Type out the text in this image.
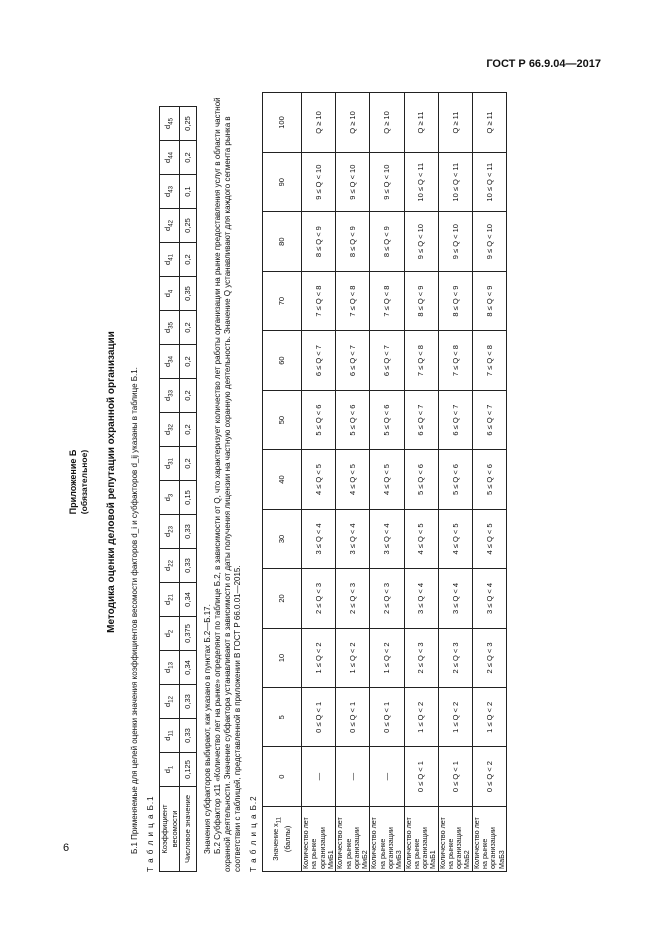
ГОСТ Р 66.9.04—2017
6
Приложение Б (обязательное) Методика оценки деловой репутации охранной организации Б.1 Применяемые для целей оценки значения коэффициентов весомости факторов d_i и субфакторов d_ij указаны в таблице Б.1. Т а б л и ц а Б.1 Коэффициент весомости	$d_1$	$d_{11}$	$d_{12}$	$d_{13}$	$d_2$	$d_{21}$	$d_{22}$	$d_{23}$	$d_3$	$d_{31}$	$d_{32}$	$d_{33}$	$d_{34}$	$d_{35}$	$d_4$	$d_{41}$	$d_{42}$	$d_{43}$	$d_{44}$	$d_{45}$
Числовое значение	0,125	0,33	0,33	0,34	0,375	0,34	0,33	0,33	0,15	0,2	0,2	0,2	0,2	0,2	0,35	0,2	0,25	0,1	0,2	0,25

Значения субфакторов выбирают, как указано в пунктах Б.2—Б.17. Б.2 Субфактор x11 «Количество лет на рынке» определяют по таблице Б.2, в зависимости от Q, что характеризует количество лет работы организации на рынке предоставления услуг в области частной охранной деятельности. Значение субфактора устанавливают в зависимости от даты получения лицензии на частную охранную деятельность. Значение Q устанавливают для каждого сегмента рынка в соответствии с таблицей, представленной в приложении В ГОСТ Р 66.0.01—2015. Т а б л и ц а Б.2 Значение $x_{11}$
(баллы)	0	5	10	20	30	40	50	60	70	80	90	100
Количество лет на рынке организации МиБ1	—	0 ≤ Q < 1	1 ≤ Q < 2	2 ≤ Q < 3	3 ≤ Q < 4	4 ≤ Q < 5	5 ≤ Q < 6	6 ≤ Q < 7	7 ≤ Q < 8	8 ≤ Q < 9	9 ≤ Q < 10	Q ≥ 10
Количество лет на рынке организации МиБ2	—	0 ≤ Q < 1	1 ≤ Q < 2	2 ≤ Q < 3	3 ≤ Q < 4	4 ≤ Q < 5	5 ≤ Q < 6	6 ≤ Q < 7	7 ≤ Q < 8	8 ≤ Q < 9	9 ≤ Q < 10	Q ≥ 10
Количество лет на рынке организации МиБ3	—	0 ≤ Q < 1	1 ≤ Q < 2	2 ≤ Q < 3	3 ≤ Q < 4	4 ≤ Q < 5	5 ≤ Q < 6	6 ≤ Q < 7	7 ≤ Q < 8	8 ≤ Q < 9	9 ≤ Q < 10	Q ≥ 10
Количество лет на рынке организации МаБ1	0 ≤ Q < 1	1 ≤ Q < 2	2 ≤ Q < 3	3 ≤ Q < 4	4 ≤ Q < 5	5 ≤ Q < 6	6 ≤ Q < 7	7 ≤ Q < 8	8 ≤ Q < 9	9 ≤ Q < 10	10 ≤ Q < 11	Q ≥ 11
Количество лет на рынке организации МаБ2	0 ≤ Q < 1	1 ≤ Q < 2	2 ≤ Q < 3	3 ≤ Q < 4	4 ≤ Q < 5	5 ≤ Q < 6	6 ≤ Q < 7	7 ≤ Q < 8	8 ≤ Q < 9	9 ≤ Q < 10	10 ≤ Q < 11	Q ≥ 11
Количество лет на рынке организации МаБ3	0 ≤ Q < 2	1 ≤ Q < 2	2 ≤ Q < 3	3 ≤ Q < 4	4 ≤ Q < 5	5 ≤ Q < 6	6 ≤ Q < 7	7 ≤ Q < 8	8 ≤ Q < 9	9 ≤ Q < 10	10 ≤ Q < 11	Q ≥ 11
